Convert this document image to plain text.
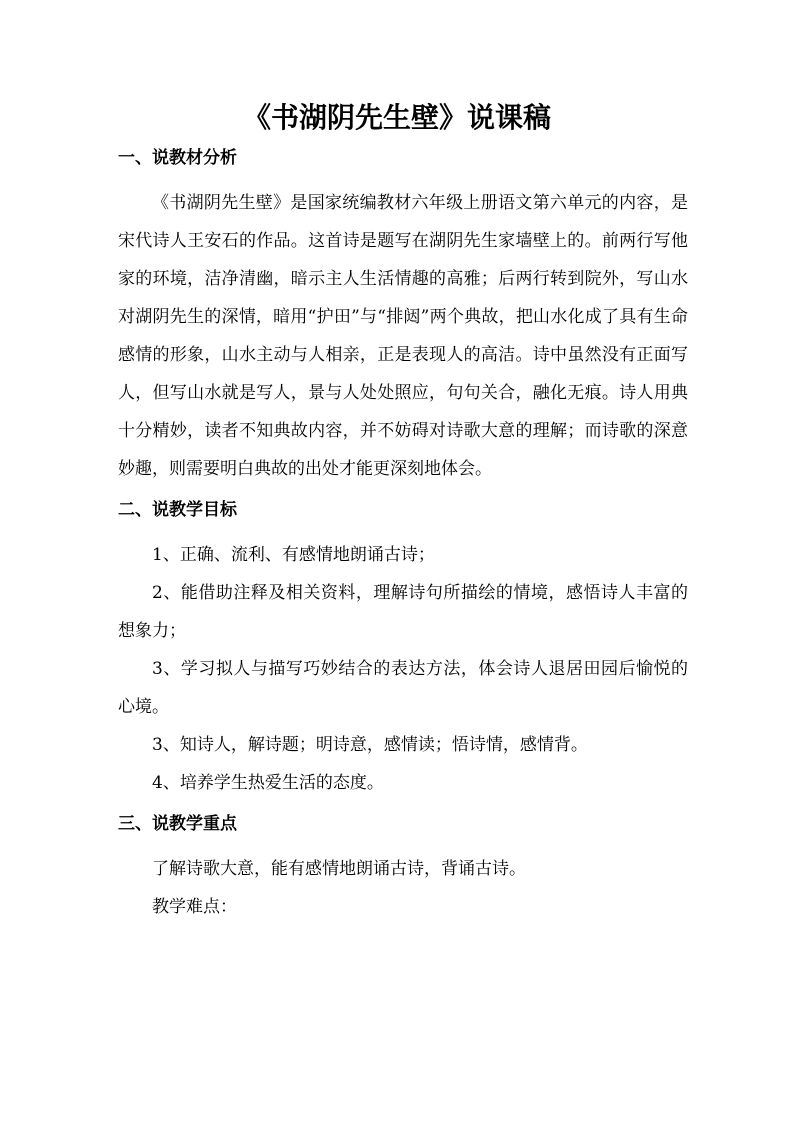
《书湖阴先生壁》说课稿
一、说教材分析

《书湖阴先生壁》是国家统编教材六年级上册语文第六单元的内容，是宋代诗人王安石的作品。这首诗是题写在湖阴先生家墙壁上的。前两行写他家的环境，洁净清幽，暗示主人生活情趣的高雅；后两行转到院外，写山水对湖阴先生的深情，暗用“护田”与“排闼”两个典故，把山水化成了具有生命感情的形象，山水主动与人相亲，正是表现人的高洁。诗中虽然没有正面写人，但写山水就是写人，景与人处处照应，句句关合，融化无痕。诗人用典十分精妙，读者不知典故内容，并不妨碍对诗歌大意的理解；而诗歌的深意妙趣，则需要明白典故的出处才能更深刻地体会。

二、说教学目标

1、正确、流利、有感情地朗诵古诗；

2、能借助注释及相关资料，理解诗句所描绘的情境，感悟诗人丰富的想象力；

3、学习拟人与描写巧妙结合的表达方法，体会诗人退居田园后愉悦的心境。

3、知诗人，解诗题；明诗意，感情读；悟诗情，感情背。

4、培养学生热爱生活的态度。

三、说教学重点

了解诗歌大意，能有感情地朗诵古诗，背诵古诗。

教学难点：
